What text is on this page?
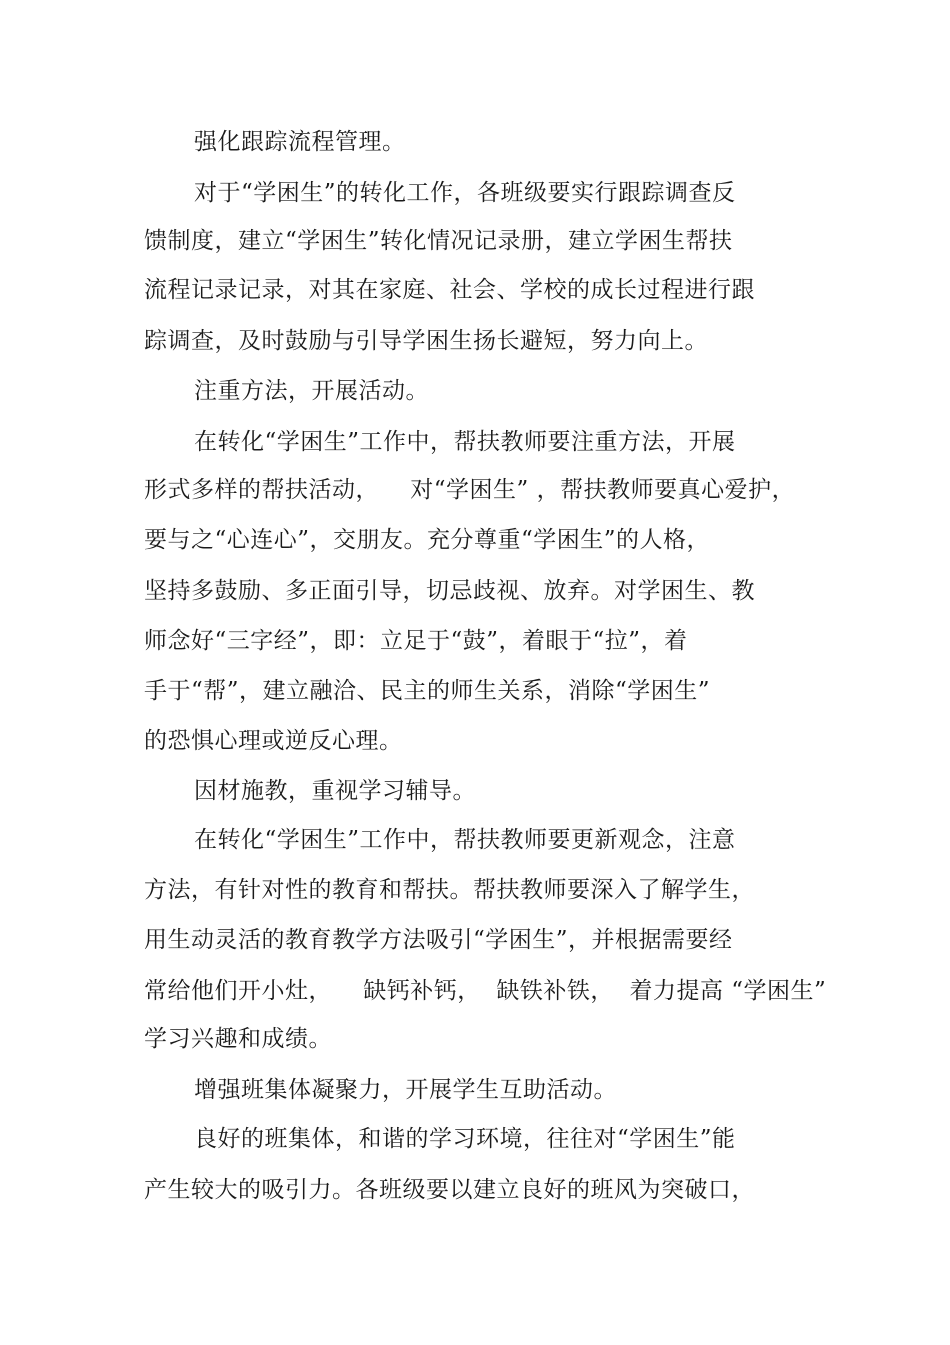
强化跟踪流程管理。
对于“学困生”的转化工作，各班级要实行跟踪调查反
馈制度，建立“学困生”转化情况记录册，建立学困生帮扶
流程记录记录，对其在家庭、社会、学校的成长过程进行跟
踪调查，及时鼓励与引导学困生扬长避短，努力向上。
注重方法，开展活动。
在转化“学困生”工作中，帮扶教师要注重方法，开展
形式多样的帮扶活动，    对“学困生” ，帮扶教师要真心爱护，
要与之“心连心”，交朋友。充分尊重“学困生”的人格，
坚持多鼓励、多正面引导，切忌歧视、放弃。对学困生、教
师念好“三字经”，即：立足于“鼓”，着眼于“拉”，着
手于“帮”，建立融洽、民主的师生关系，消除“学困生”
的恐惧心理或逆反心理。
因材施教，重视学习辅导。
在转化“学困生”工作中，帮扶教师要更新观念，注意
方法，有针对性的教育和帮扶。帮扶教师要深入了解学生，
用生动灵活的教育教学方法吸引“学困生”，并根据需要经
常给他们开小灶，    缺钙补钙，  缺铁补铁，  着力提高 “学困生”
学习兴趣和成绩。
增强班集体凝聚力，开展学生互助活动。
良好的班集体，和谐的学习环境，往往对“学困生”能
产生较大的吸引力。各班级要以建立良好的班风为突破口，
